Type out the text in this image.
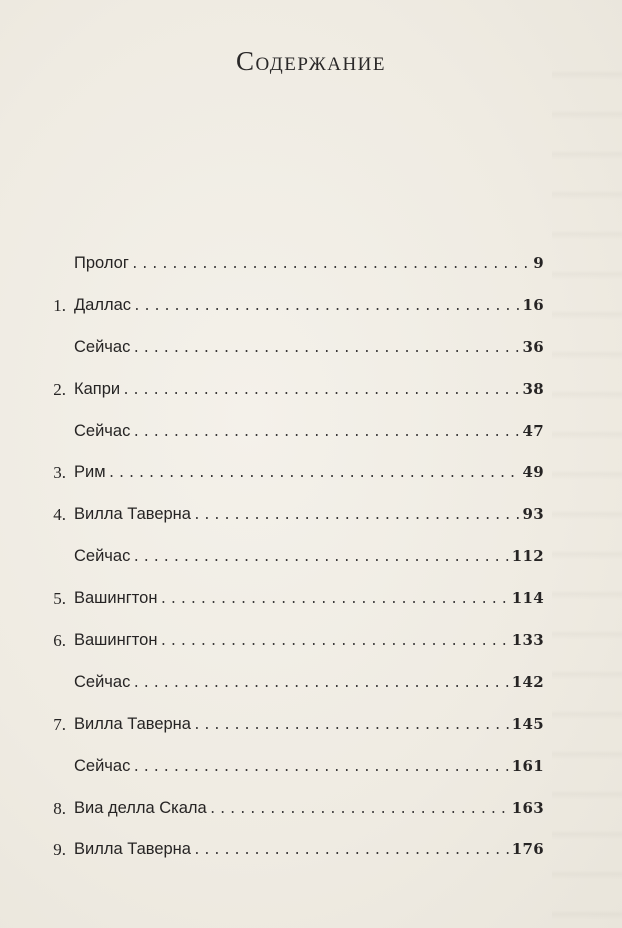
Содержание
Пролог .....	9
1. Даллас .....	16
Сейчас .....	36
2. Капри .....	38
Сейчас .....	47
3. Рим .....	49
4. Вилла Таверна .....	93
Сейчас .....	112
5. Вашингтон .....	114
6. Вашингтон .....	133
Сейчас .....	142
7. Вилла Таверна .....	145
Сейчас .....	161
8. Виа делла Скала .....	163
9. Вилла Таверна .....	176
